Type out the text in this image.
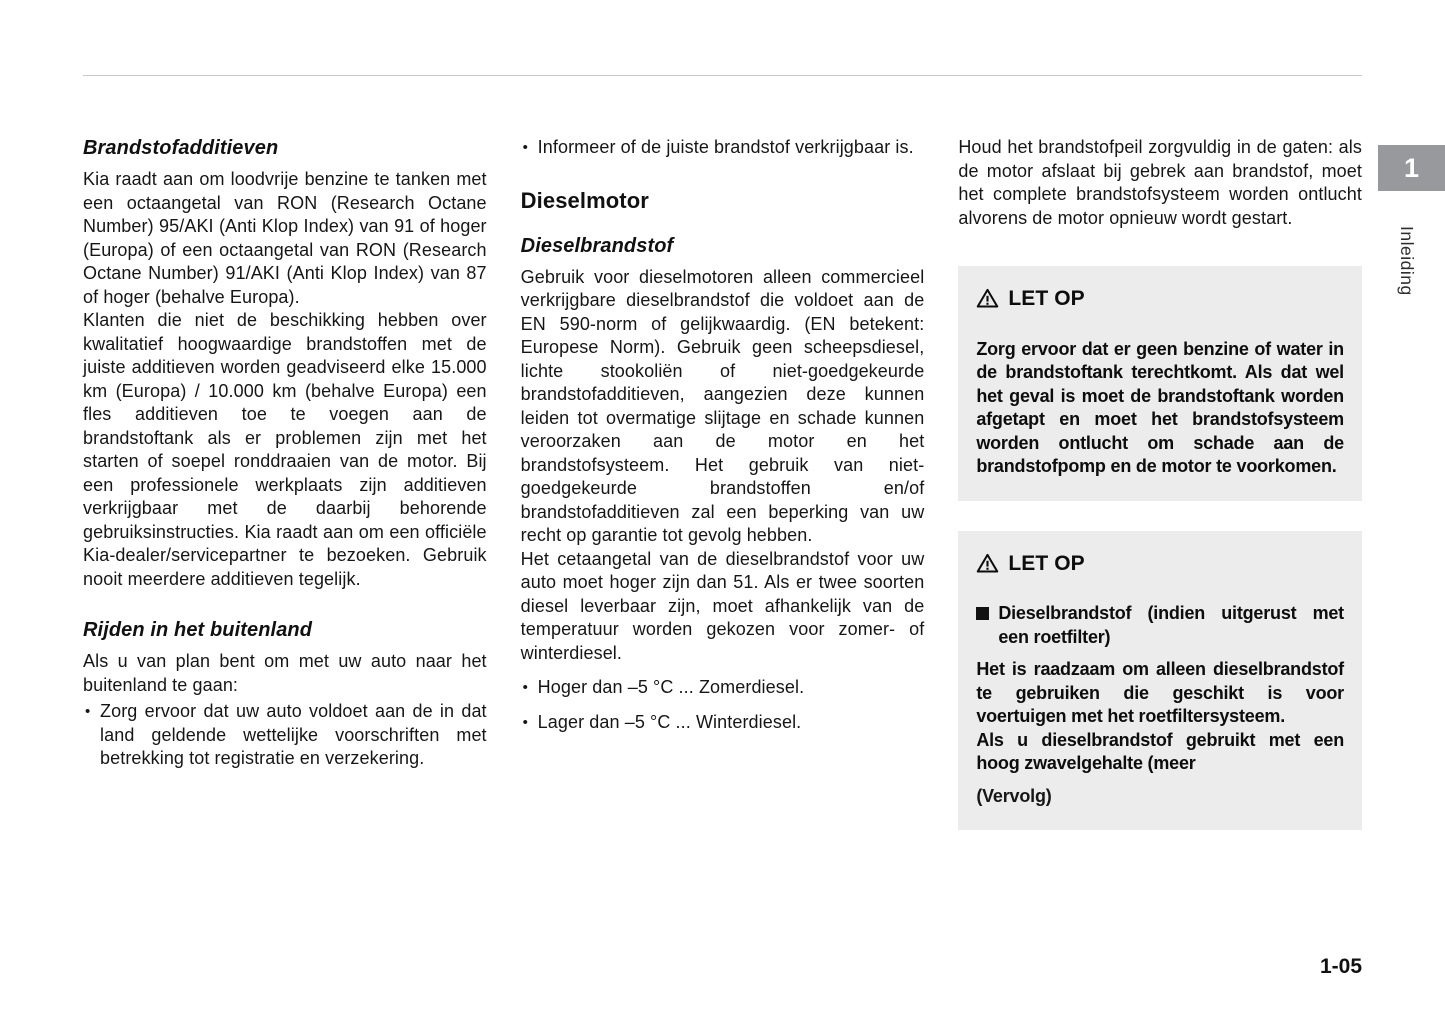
1
Inleiding
Brandstofadditieven

Kia raadt aan om loodvrije benzine te tanken met een octaangetal van RON (Research Octane Number) 95/AKI (Anti Klop Index) van 91 of hoger (Europa) of een octaangetal van RON (Research Octane Number) 91/AKI (Anti Klop Index) van 87 of hoger (behalve Europa).

Klanten die niet de beschikking hebben over kwalitatief hoogwaardige brandstoffen met de juiste additieven worden geadviseerd elke 15.000 km (Europa) / 10.000 km (behalve Europa) een fles additieven toe te voegen aan de brandstoftank als er problemen zijn met het starten of soepel ronddraaien van de motor. Bij een professionele werkplaats zijn additieven verkrijgbaar met de daarbij behorende gebruiksinstructies. Kia raadt aan om een officiële Kia-dealer/servicepartner te bezoeken. Gebruik nooit meerdere additieven tegelijk.

Rijden in het buitenland

Als u van plan bent om met uw auto naar het buitenland te gaan:

• Zorg ervoor dat uw auto voldoet aan de in dat land geldende wettelijke voorschriften met betrekking tot registratie en verzekering.
• Informeer of de juiste brandstof verkrijgbaar is.
Dieselmotor
Dieselbrandstof

Gebruik voor dieselmotoren alleen commercieel verkrijgbare dieselbrandstof die voldoet aan de EN 590-norm of gelijkwaardig. (EN betekent: Europese Norm). Gebruik geen scheepsdiesel, lichte stookoliën of niet-goedgekeurde brandstofadditieven, aangezien deze kunnen leiden tot overmatige slijtage en schade kunnen veroorzaken aan de motor en het brandstofsysteem. Het gebruik van niet-goedgekeurde brandstoffen en/of brandstofadditieven zal een beperking van uw recht op garantie tot gevolg hebben.

Het cetaangetal van de dieselbrandstof voor uw auto moet hoger zijn dan 51. Als er twee soorten diesel leverbaar zijn, moet afhankelijk van de temperatuur worden gekozen voor zomer- of winterdiesel.

• Hoger dan –5 °C ... Zomerdiesel.
• Lager dan –5 °C ... Winterdiesel.

Houd het brandstofpeil zorgvuldig in de gaten: als de motor afslaat bij gebrek aan brandstof, moet het complete brandstofsysteem worden ontlucht alvorens de motor opnieuw wordt gestart.

LET OP
Zorg ervoor dat er geen benzine of water in de brandstoftank terechtkomt. Als dat wel het geval is moet de brandstoftank worden afgetapt en moet het brandstofsysteem worden ontlucht om schade aan de brandstofpomp en de motor te voorkomen.
LET OP
Dieselbrandstof (indien uitgerust met een roetfilter)
Het is raadzaam om alleen dieselbrandstof te gebruiken die geschikt is voor voertuigen met het roetfiltersysteem.
Als u dieselbrandstof gebruikt met een hoog zwavelgehalte (meer
(Vervolg)
1-05
